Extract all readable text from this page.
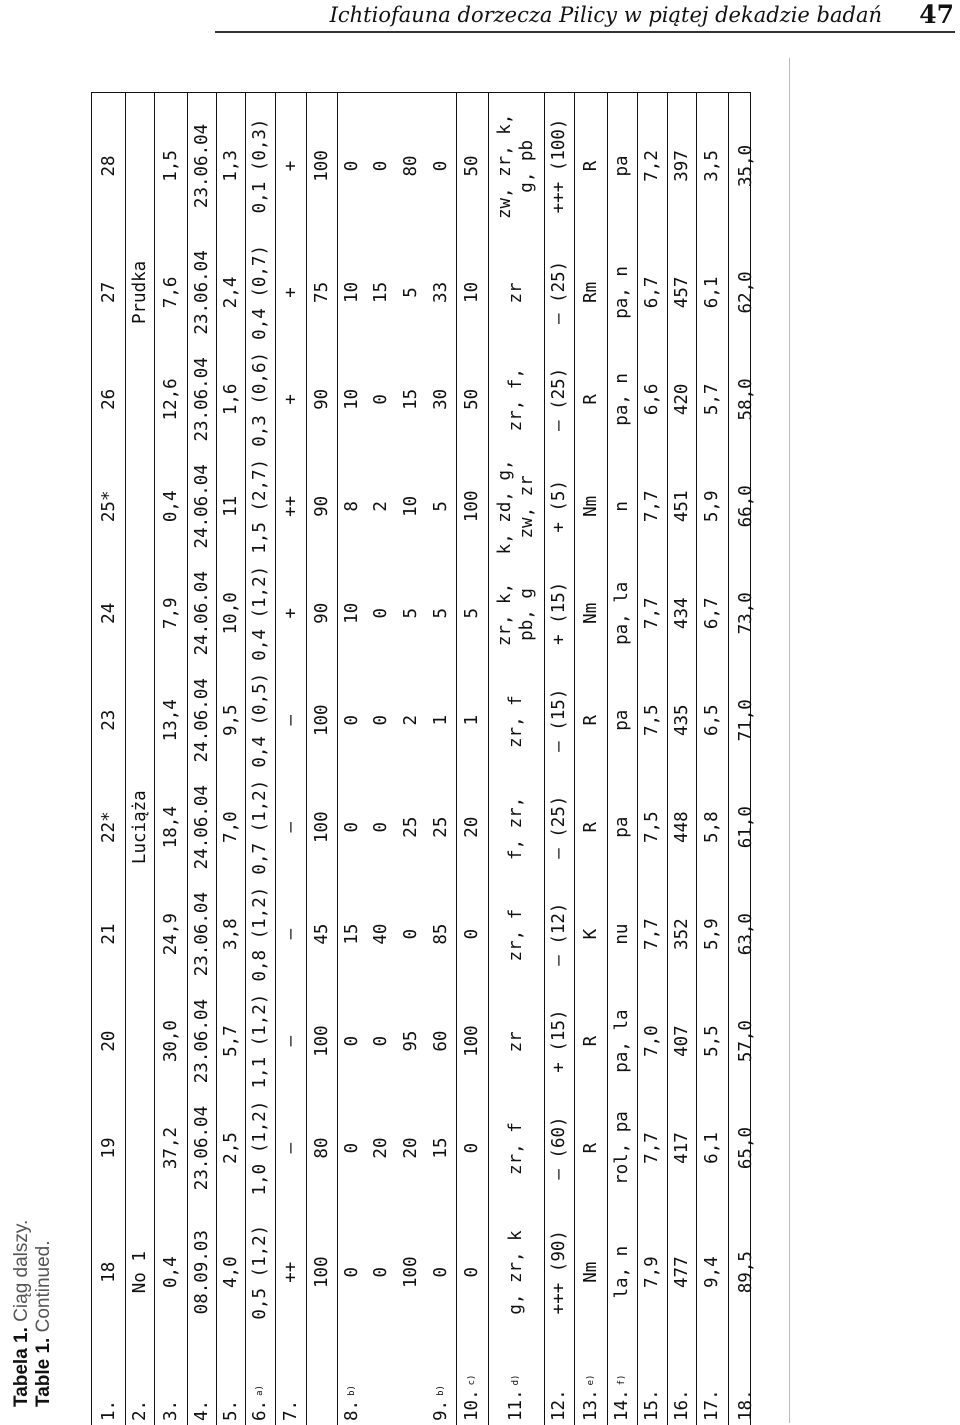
Ichtiofauna dorzecza Pilicy w piątej dekadzie badań 47
Tabela 1. Ciąg dalszy.
Table 1. Continued.
1.
18
19
20
21
22*
23
24
25*
26
27
28
2.
No 1
Luciąża
Prudka
3.
0,4
37,2
30,0
24,9
18,4
13,4
7,9
0,4
12,6
7,6
1,5
4.
08.09.03
23.06.04
23.06.04
23.06.04
24.06.04
24.06.04
24.06.04
24.06.04
23.06.04
23.06.04
23.06.04
5.
4,0
2,5
5,7
3,8
7,0
9,5
10,0
11
1,6
2,4
1,3
6.
a)
0,5 (1,2)
1,0 (1,2)
1,1 (1,2)
0,8 (1,2)
0,7 (1,2)
0,4 (0,5)
0,4 (1,2)
1,5 (2,7)
0,3 (0,6)
0,4 (0,7)
0,1 (0,3)
7.
++
–
–
–
–
–
+
++
+
+
+
100
80
100
45
100
100
90
90
90
75
100
8.
b)
0
0
0
15
0
0
10
8
10
10
0
0
20
0
40
0
0
0
2
0
15
0
100
20
95
0
25
2
5
10
15
5
80
9.
b)
0
15
60
85
25
1
5
5
30
33
0
10.
c)
0
0
100
0
20
1
5
100
50
10
50
11.
d)
g, zr, k
zr, f
zr
zr, f
f, zr,
zr, f
zr, k, pb, g
k, zd, g, zw, zr
zr, f,
zr
zw, zr, k, g, pb
12.
+++ (90)
– (60)
+ (15)
– (12)
– (25)
– (15)
+ (15)
+ (5)
– (25)
– (25)
+++ (100)
13.
e)
Nm
R
R
K
R
R
Nm
Nm
R
Rm
R
14.
f)
la, n
rol, pa
pa, la
nu
pa
pa
pa, la
n
pa, n
pa, n
pa
15.
7,9
7,7
7,0
7,7
7,5
7,5
7,7
7,7
6,6
6,7
7,2
16.
477
417
407
352
448
435
434
451
420
457
397
17.
9,4
6,1
5,5
5,9
5,8
6,5
6,7
5,9
5,7
6,1
3,5
18.
89,5
65,0
57,0
63,0
61,0
71,0
73,0
66,0
58,0
62,0
35,0
